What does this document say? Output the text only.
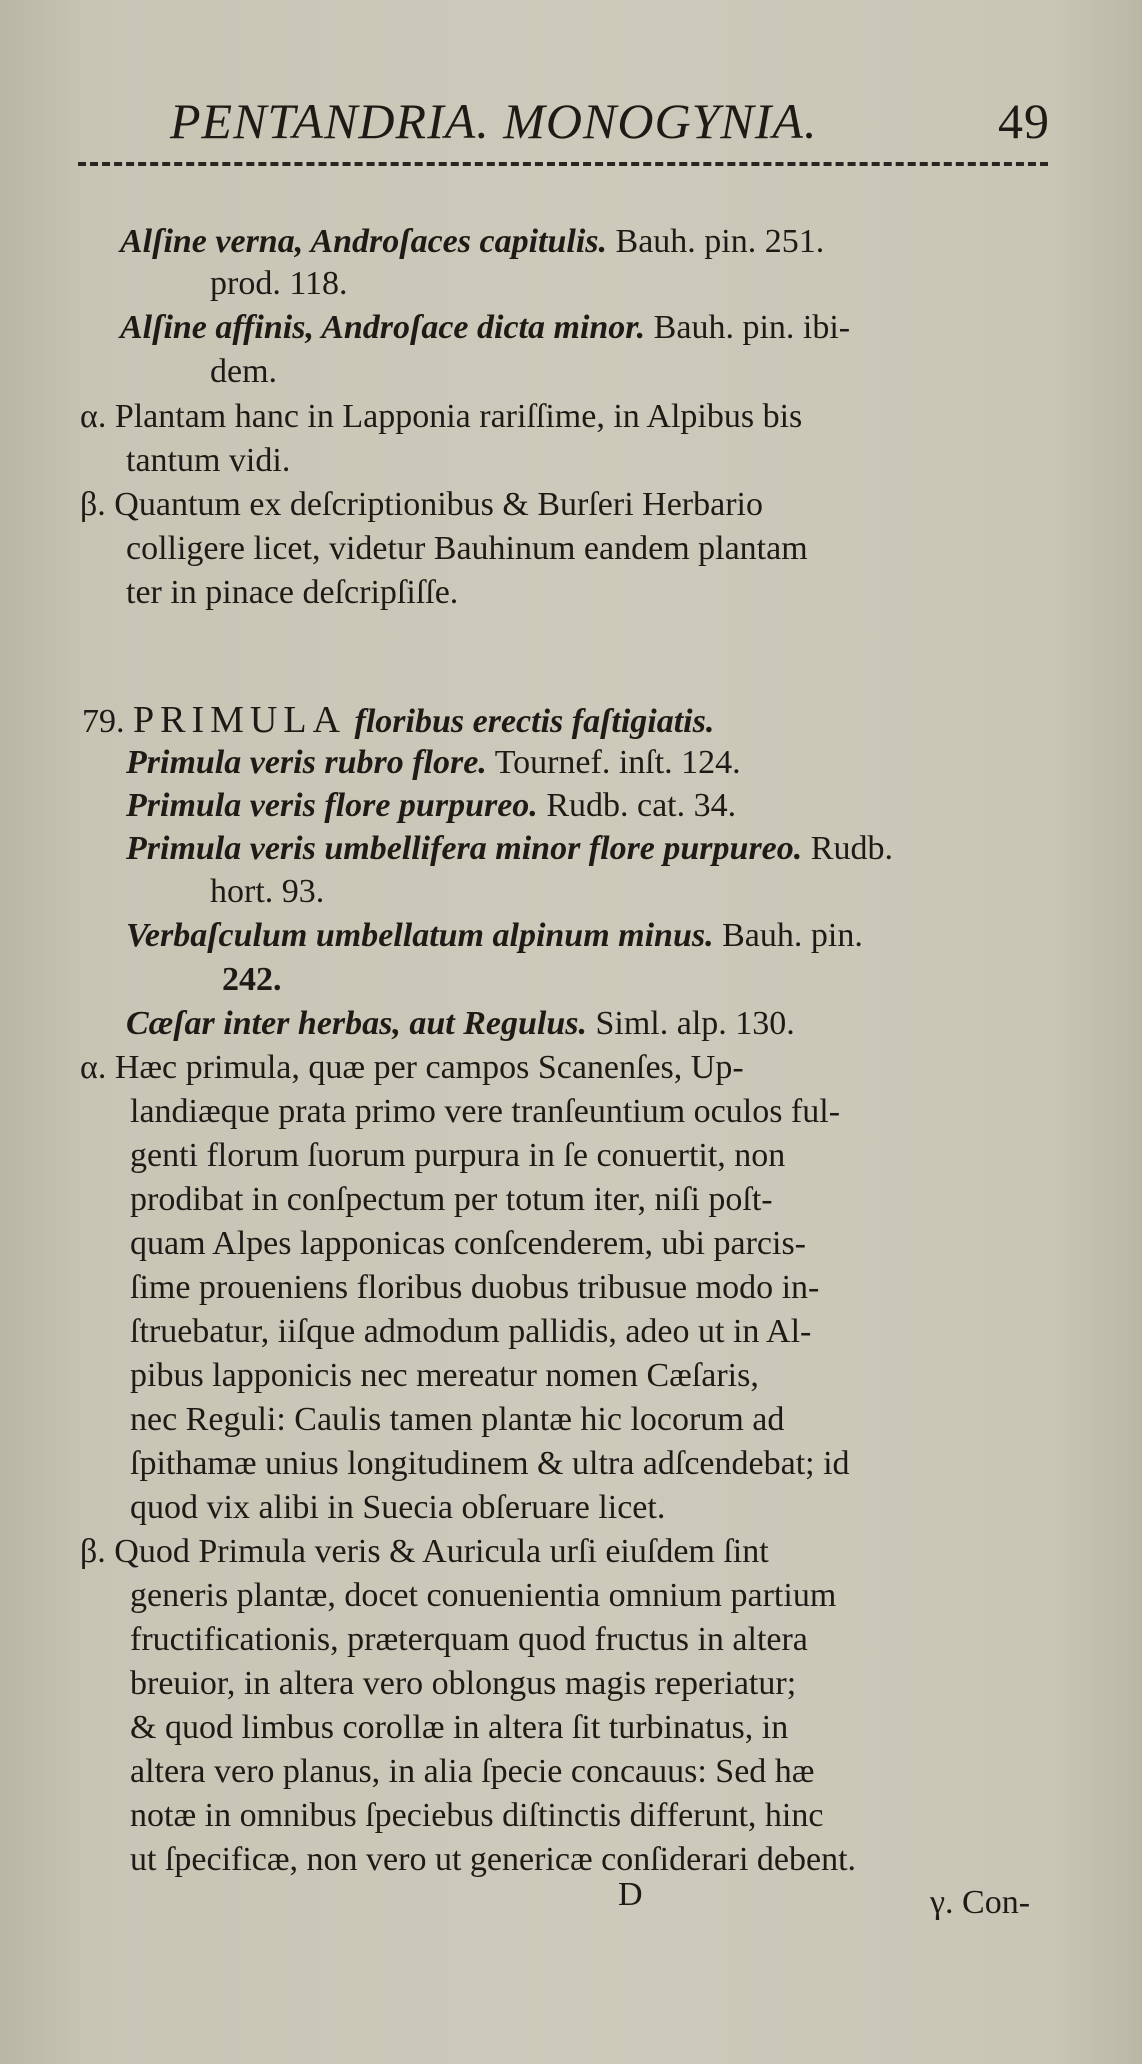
PENTANDRIA. MONOGYNIA.	49
Alſine verna, Androſaces capitulis. Bauh. pin. 251.
prod. 118.
Alſine affinis, Androſace dicta minor. Bauh. pin. ibi-
dem.
α. Plantam hanc in Lapponia rariſſime, in Alpibus bis
tantum vidi.
β. Quantum ex deſcriptionibus & Burſeri Herbario
colligere licet, videtur Bauhinum eandem plantam
ter in pinace deſcripſiſſe.
79. PRIMULA floribus erectis faſtigiatis.
Primula veris rubro flore. Tournef. inſt. 124.
Primula veris flore purpureo. Rudb. cat. 34.
Primula veris umbellifera minor flore purpureo. Rudb.
hort. 93.
Verbaſculum umbellatum alpinum minus. Bauh. pin.
242.
Cæſar inter herbas, aut Regulus. Siml. alp. 130.
α. Hæc primula, quæ per campos Scanenſes, Up-
landiæque prata primo vere tranſeuntium oculos ful-
genti florum ſuorum purpura in ſe conuertit, non
prodibat in conſpectum per totum iter, niſi poſt-
quam Alpes lapponicas conſcenderem, ubi parcis-
ſime proueniens floribus duobus tribusue modo in-
ſtruebatur, iiſque admodum pallidis, adeo ut in Al-
pibus lapponicis nec mereatur nomen Cæſaris,
nec Reguli: Caulis tamen plantæ hic locorum ad
ſpithamæ unius longitudinem & ultra adſcendebat; id
quod vix alibi in Suecia obſeruare licet.
β. Quod Primula veris & Auricula urſi eiuſdem ſint
generis plantæ, docet conuenientia omnium partium
fructificationis, præterquam quod fructus in altera
breuior, in altera vero oblongus magis reperiatur;
& quod limbus corollæ in altera ſit turbinatus, in
altera vero planus, in alia ſpecie concauus: Sed hæ
notæ in omnibus ſpeciebus diſtinctis differunt, hinc
ut ſpecificæ, non vero ut genericæ conſiderari debent.
D	γ. Con-
